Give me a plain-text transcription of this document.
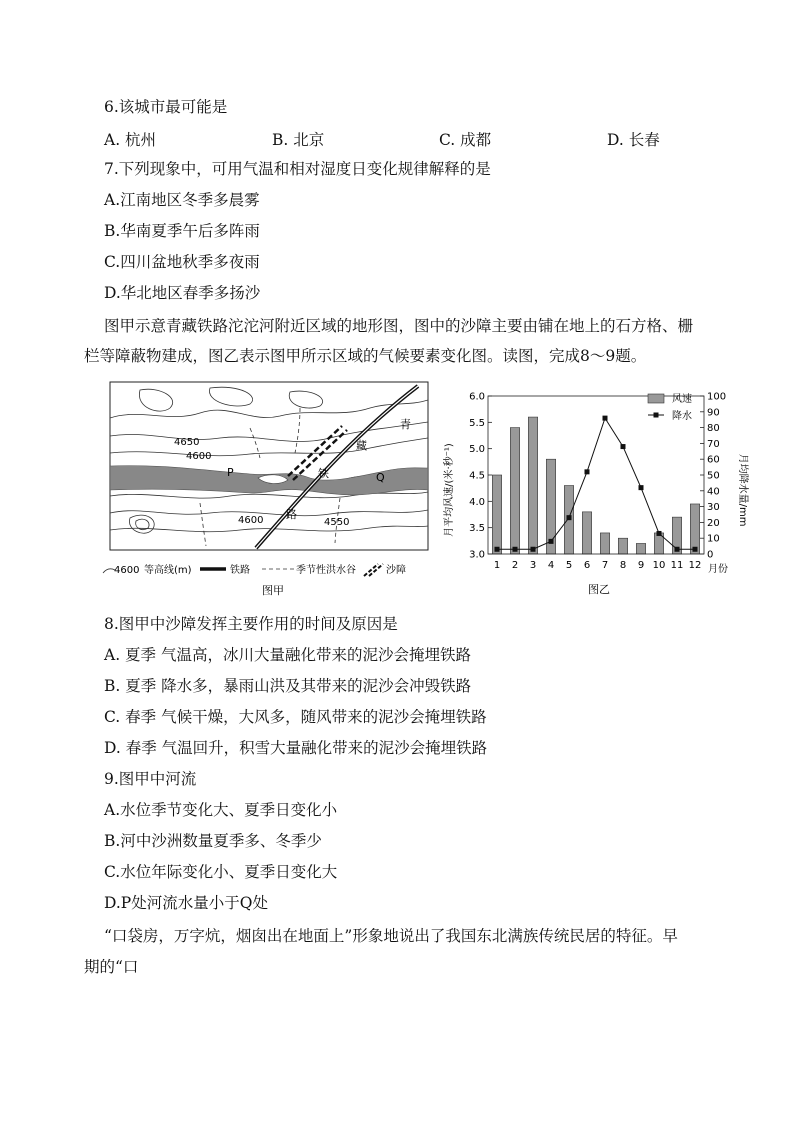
6.该城市最可能是
A. 杭州	B. 北京	C. 成都	D. 长春
7.下列现象中，可用气温和相对湿度日变化规律解释的是
A.江南地区冬季多晨雾
B.华南夏季午后多阵雨
C.四川盆地秋季多夜雨
D.华北地区春季多扬沙
图甲示意青藏铁路沱沱河附近区域的地形图，图中的沙障主要由铺在地上的石方格、栅
栏等障蔽物建成，图乙表示图甲所示区域的气候要素变化图。读图，完成8～9题。
4650
4600
4600	4550
P	Q
青
藏
铁
路
4600 等高线(m)	铁路	季节性洪水谷	沙障
图甲
3.0
3.5
4.0
4.5
5.0
5.5
6.0
0
10
20
30
40
50
60
70
80
90
100
1 2 3 4 5 6 7 8 9 10 11 12
月平均风速/(米·秒⁻¹)	月均降水量/mm
月份
图乙
风速
降水
8.图甲中沙障发挥主要作用的时间及原因是
A. 夏季 气温高，冰川大量融化带来的泥沙会掩埋铁路
B. 夏季 降水多，暴雨山洪及其带来的泥沙会冲毁铁路
C. 春季 气候干燥，大风多，随风带来的泥沙会掩埋铁路
D. 春季 气温回升，积雪大量融化带来的泥沙会掩埋铁路
9.图甲中河流
A.水位季节变化大、夏季日变化小
B.河中沙洲数量夏季多、冬季少
C.水位年际变化小、夏季日变化大
D.P处河流水量小于Q处
“口袋房，万字炕，烟囱出在地面上”形象地说出了我国东北满族传统民居的特征。早
期的“口
